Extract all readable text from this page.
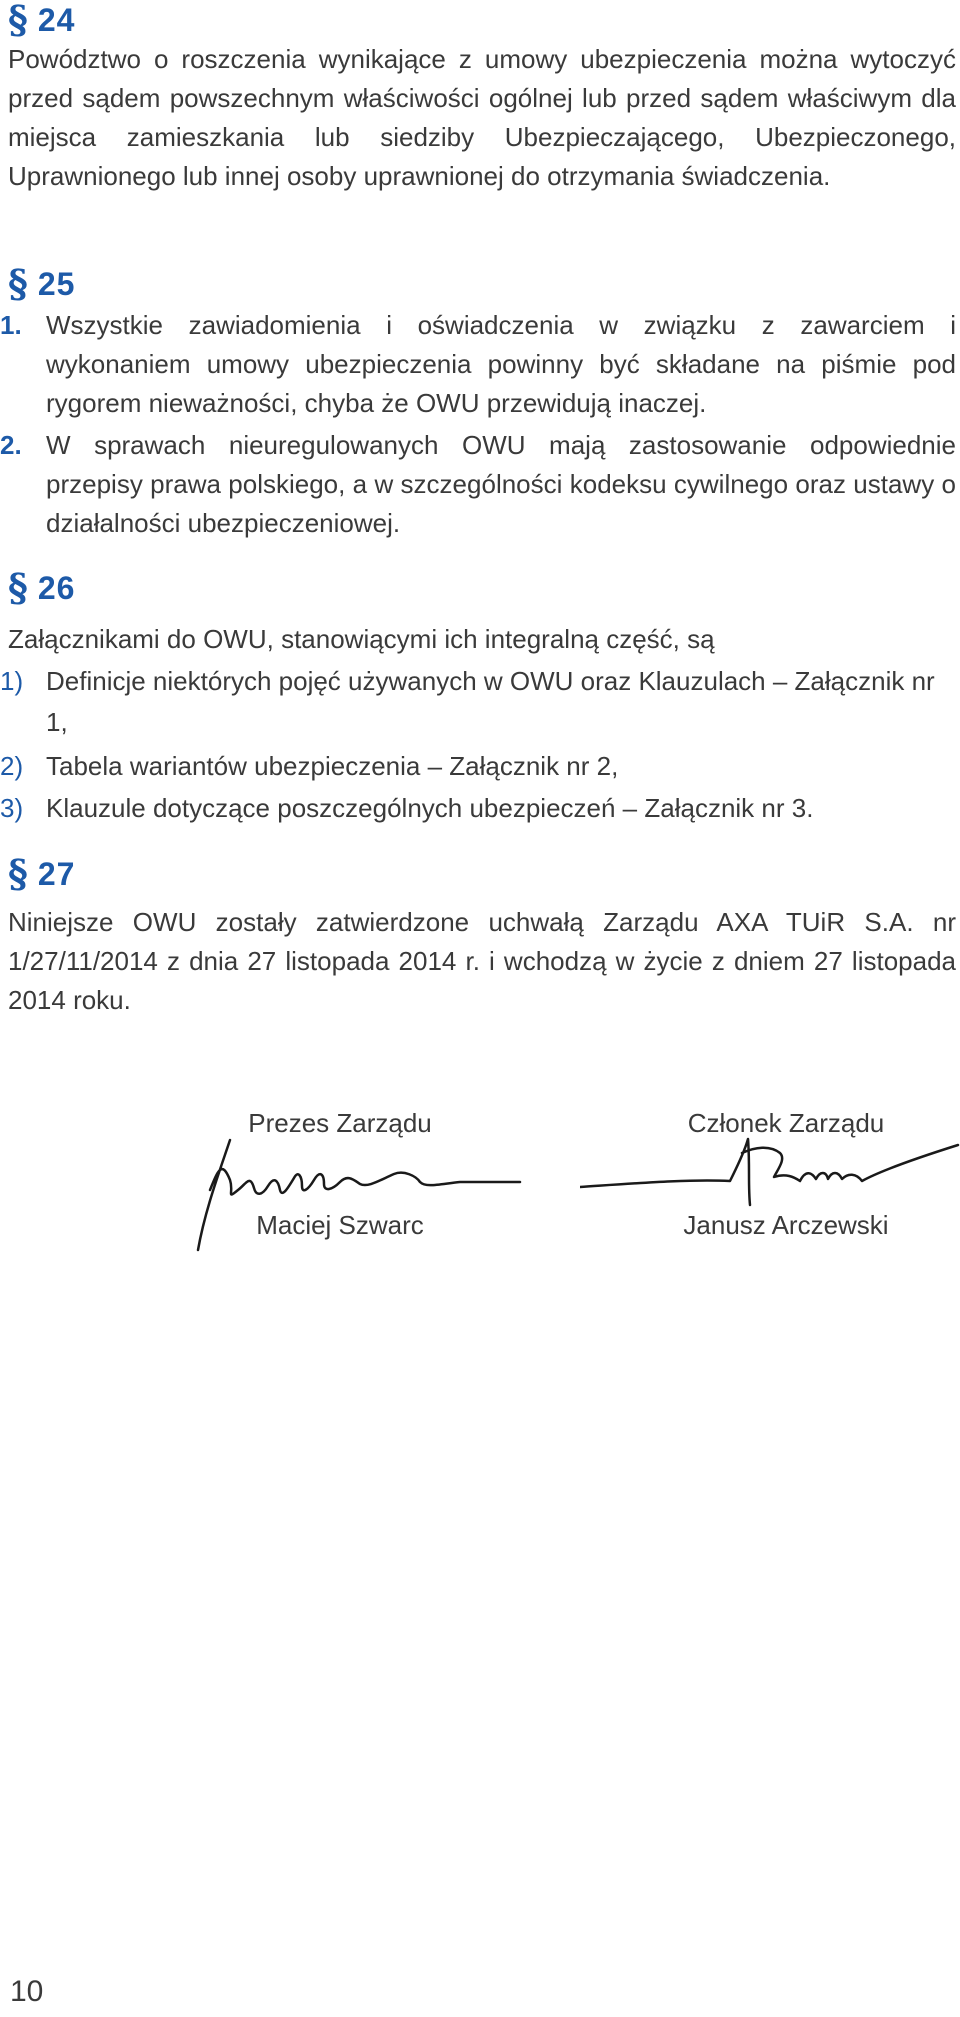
§ 24
Powództwo o roszczenia wynikające z umowy ubezpieczenia można wytoczyć przed sądem powszechnym właściwości ogólnej lub przed sądem właściwym dla miejsca zamieszkania lub siedziby Ubezpieczającego, Ubezpieczonego, Uprawnionego lub innej osoby uprawnionej do otrzymania świadczenia.
§ 25
1. Wszystkie zawiadomienia i oświadczenia w związku z zawarciem i wykonaniem umowy ubezpieczenia powinny być składane na piśmie pod rygorem nieważności, chyba że OWU przewidują inaczej.
2. W sprawach nieuregulowanych OWU mają zastosowanie odpowiednie przepisy prawa polskiego, a w szczególności kodeksu cywilnego oraz ustawy o działalności ubezpieczeniowej.
§ 26
Załącznikami do OWU, stanowiącymi ich integralną część, są
1) Definicje niektórych pojęć używanych w OWU oraz Klauzulach – Załącznik nr 1,
2) Tabela wariantów ubezpieczenia – Załącznik nr 2,
3) Klauzule dotyczące poszczególnych ubezpieczeń – Załącznik nr 3.
§ 27
Niniejsze OWU zostały zatwierdzone uchwałą Zarządu AXA TUiR S.A. nr 1/27/11/2014 z dnia 27 listopada 2014 r. i wchodzą w życie z dniem 27 listopada 2014 roku.
Prezes Zarządu
Maciej Szwarc
Członek Zarządu
Janusz Arczewski
10
